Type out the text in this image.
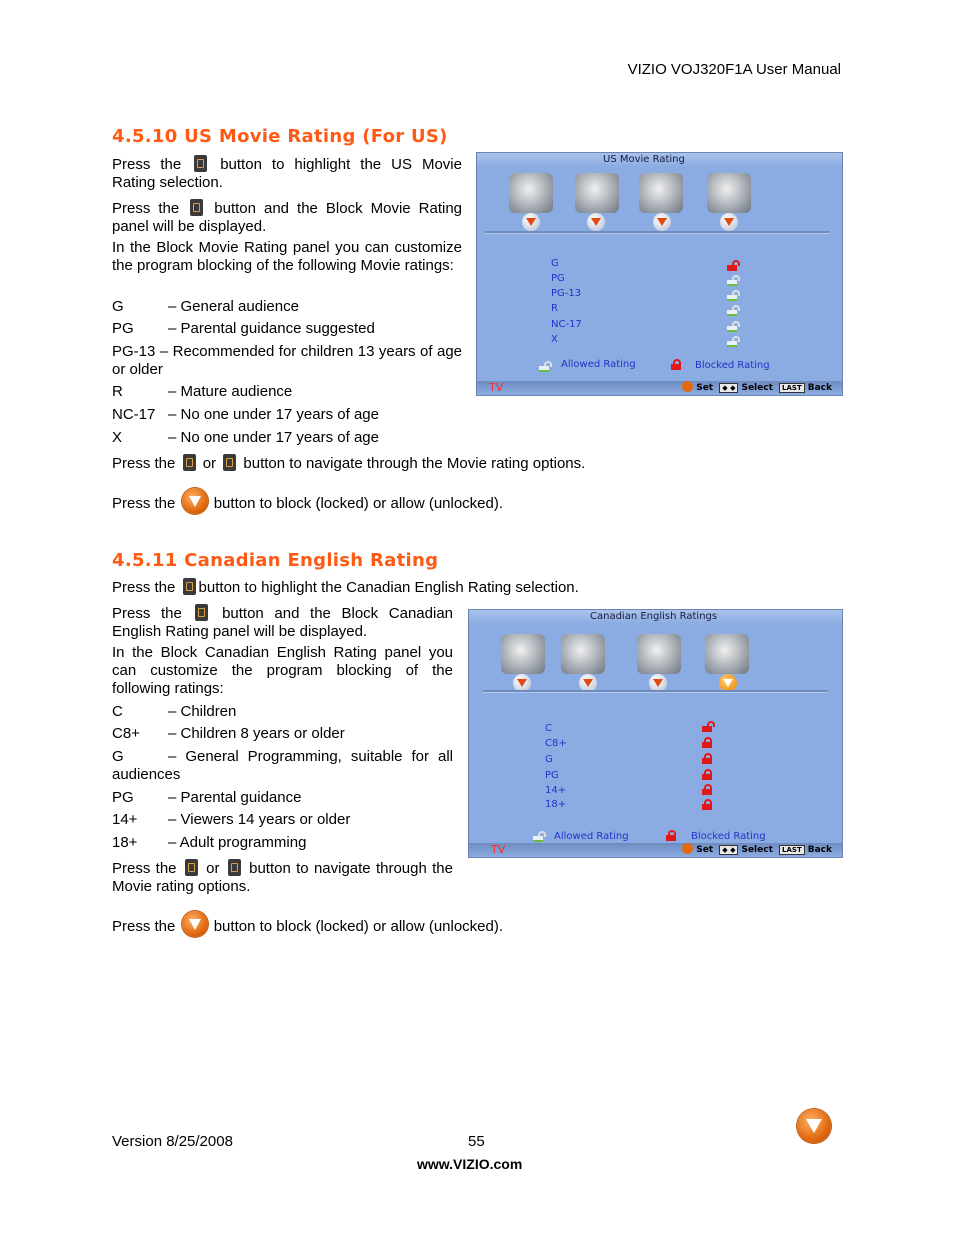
VIZIO VOJ320F1A User Manual
4.5.10 US Movie Rating (For US)
Press the	button to highlight the US Movie Rating selection.
Press the button and the Block Movie Rating panel will be displayed.
In the Block Movie Rating panel you can customize the program blocking of the following Movie ratings:
G	– General audience
PG – Parental guidance suggested
PG-13 – Recommended for children 13 years of age or older
R	– Mature audience
NC-17 – No one under 17 years of age
X	– No one under 17 years of age
Press the or button to navigate through the Movie rating options.
Press the	button to block (locked) or allow (unlocked).
US Movie Rating
G
PG
PG-13
R
NC-17
X
Allowed Rating	Blocked Rating
TV	Set ◆ ◆ Select LAST Back
4.5.11 Canadian English Rating
Press the button to highlight the Canadian English Rating selection.
Press the	button and the Block Canadian English Rating panel will be displayed.
In the Block Canadian English Rating panel you can customize the program blocking of the following ratings:
C	– Children
C8+ – Children 8 years or older
G	– General Programming, suitable for all audiences
PG – Parental guidance
14+ – Viewers 14 years or older
18+ – Adult programming
Press the or button to navigate through the Movie rating options.
Press the	button to block (locked) or allow (unlocked).
Canadian English Ratings
C
C8+
G
PG
14+
18+
Allowed Rating	Blocked Rating
TV	Set ◆ ◆ Select LAST Back
Version 8/25/2008	55
www.VIZIO.com
